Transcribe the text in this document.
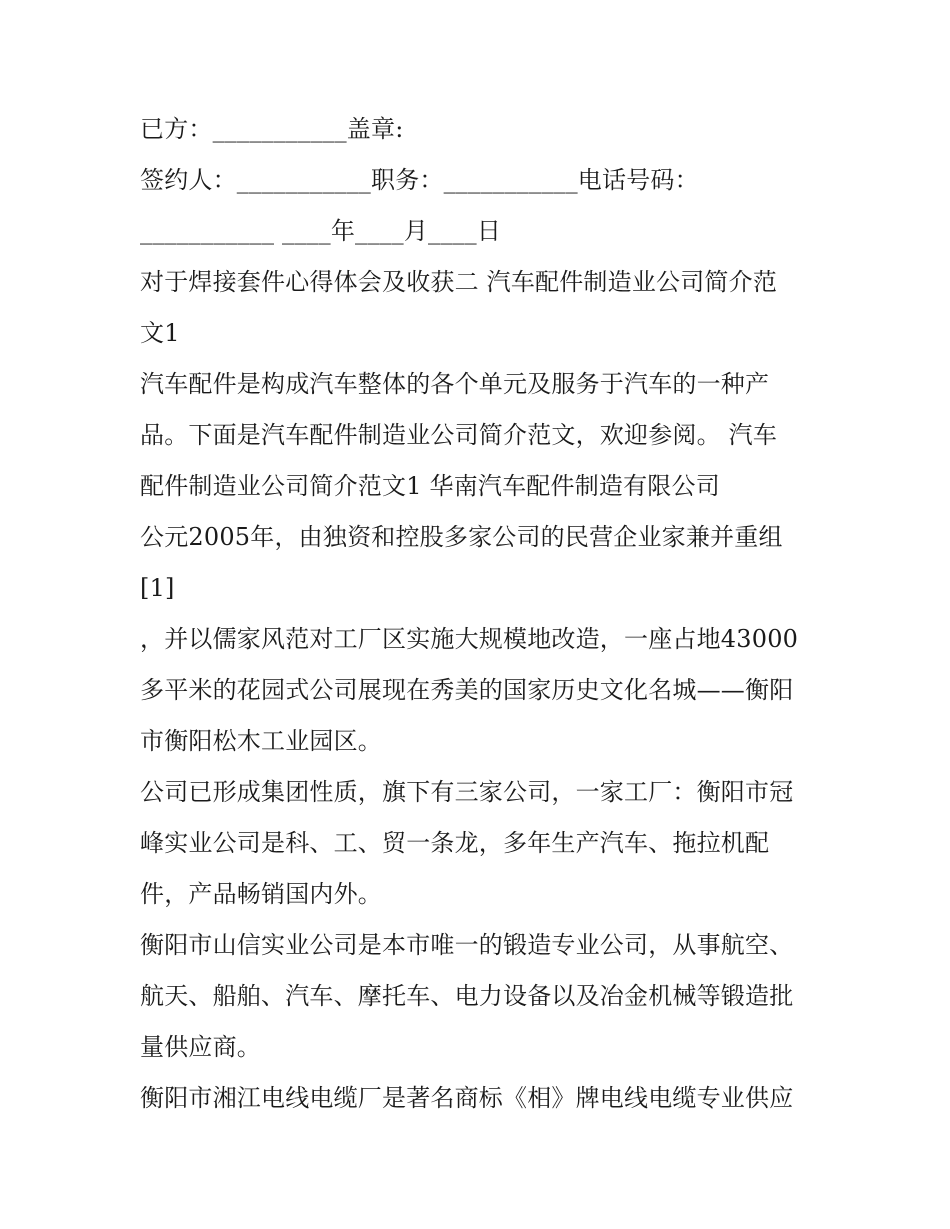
已方：___________盖章:
签约人：___________职务：___________电话号码：
___________ ____年____月____日
对于焊接套件心得体会及收获二 汽车配件制造业公司简介范
文1
汽车配件是构成汽车整体的各个单元及服务于汽车的一种产
品。下面是汽车配件制造业公司简介范文，欢迎参阅。 汽车
配件制造业公司简介范文1 华南汽车配件制造有限公司
公元2005年，由独资和控股多家公司的民营企业家兼并重组
[1]
，并以儒家风范对工厂区实施大规模地改造，一座占地43000
多平米的花园式公司展现在秀美的国家历史文化名城——衡阳
市衡阳松木工业园区。
公司已形成集团性质，旗下有三家公司，一家工厂：衡阳市冠
峰实业公司是科、工、贸一条龙，多年生产汽车、拖拉机配
件，产品畅销国内外。
衡阳市山信实业公司是本市唯一的锻造专业公司，从事航空、
航天、船舶、汽车、摩托车、电力设备以及冶金机械等锻造批
量供应商。
衡阳市湘江电线电缆厂是著名商标《相》牌电线电缆专业供应
